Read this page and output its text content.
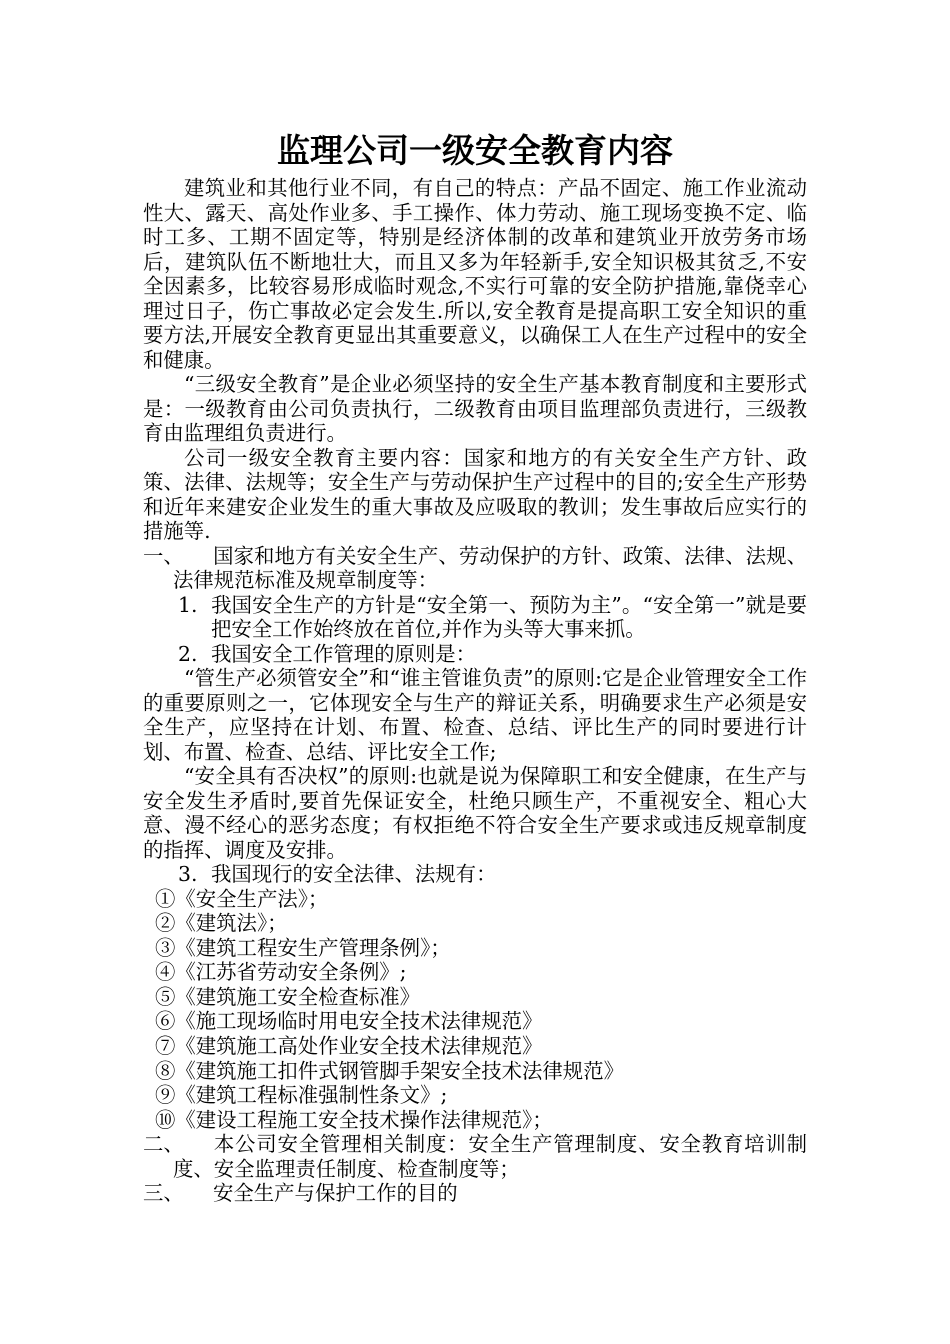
监理公司一级安全教育内容

建筑业和其他行业不同，有自己的特点：产品不固定、施工作业流动性大、露天、高处作业多、手工操作、体力劳动、施工现场变换不定、临时工多、工期不固定等，特别是经济体制的改革和建筑业开放劳务市场后，建筑队伍不断地壮大，而且又多为年轻新手,安全知识极其贫乏,不安全因素多，比较容易形成临时观念,不实行可靠的安全防护措施,靠侥幸心理过日子，伤亡事故必定会发生.所以,安全教育是提高职工安全知识的重要方法,开展安全教育更显出其重要意义，以确保工人在生产过程中的安全和健康。

“三级安全教育”是企业必须坚持的安全生产基本教育制度和主要形式是：一级教育由公司负责执行，二级教育由项目监理部负责进行，三级教育由监理组负责进行。

公司一级安全教育主要内容：国家和地方的有关安全生产方针、政策、法律、法规等；安全生产与劳动保护生产过程中的目的;安全生产形势和近年来建安企业发生的重大事故及应吸取的教训；发生事故后应实行的措施等.

一、 国家和地方有关安全生产、劳动保护的方针、政策、法律、法规、法律规范标准及规章制度等：

1. 我国安全生产的方针是“安全第一、预防为主”。“安全第一”就是要把安全工作始终放在首位,并作为头等大事来抓。

2. 我国安全工作管理的原则是：

“管生产必须管安全”和“谁主管谁负责”的原则:它是企业管理安全工作的重要原则之一，它体现安全与生产的辩证关系，明确要求生产必须是安全生产，应坚持在计划、布置、检查、总结、评比生产的同时要进行计划、布置、检查、总结、评比安全工作;

“安全具有否决权”的原则:也就是说为保障职工和安全健康，在生产与安全发生矛盾时,要首先保证安全，杜绝只顾生产，不重视安全、粗心大意、漫不经心的恶劣态度；有权拒绝不符合安全生产要求或违反规章制度的指挥、调度及安排。

3. 我国现行的安全法律、法规有：

①《安全生产法》；

②《建筑法》；

③《建筑工程安生产管理条例》；

④《江苏省劳动安全条例》;

⑤《建筑施工安全检查标准》

⑥《施工现场临时用电安全技术法律规范》

⑦《建筑施工高处作业安全技术法律规范》

⑧《建筑施工扣件式钢管脚手架安全技术法律规范》

⑨《建筑工程标准强制性条文》;

⑩《建设工程施工安全技术操作法律规范》；

二、 本公司安全管理相关制度：安全生产管理制度、安全教育培训制度、安全监理责任制度、检查制度等；

三、 安全生产与保护工作的目的
